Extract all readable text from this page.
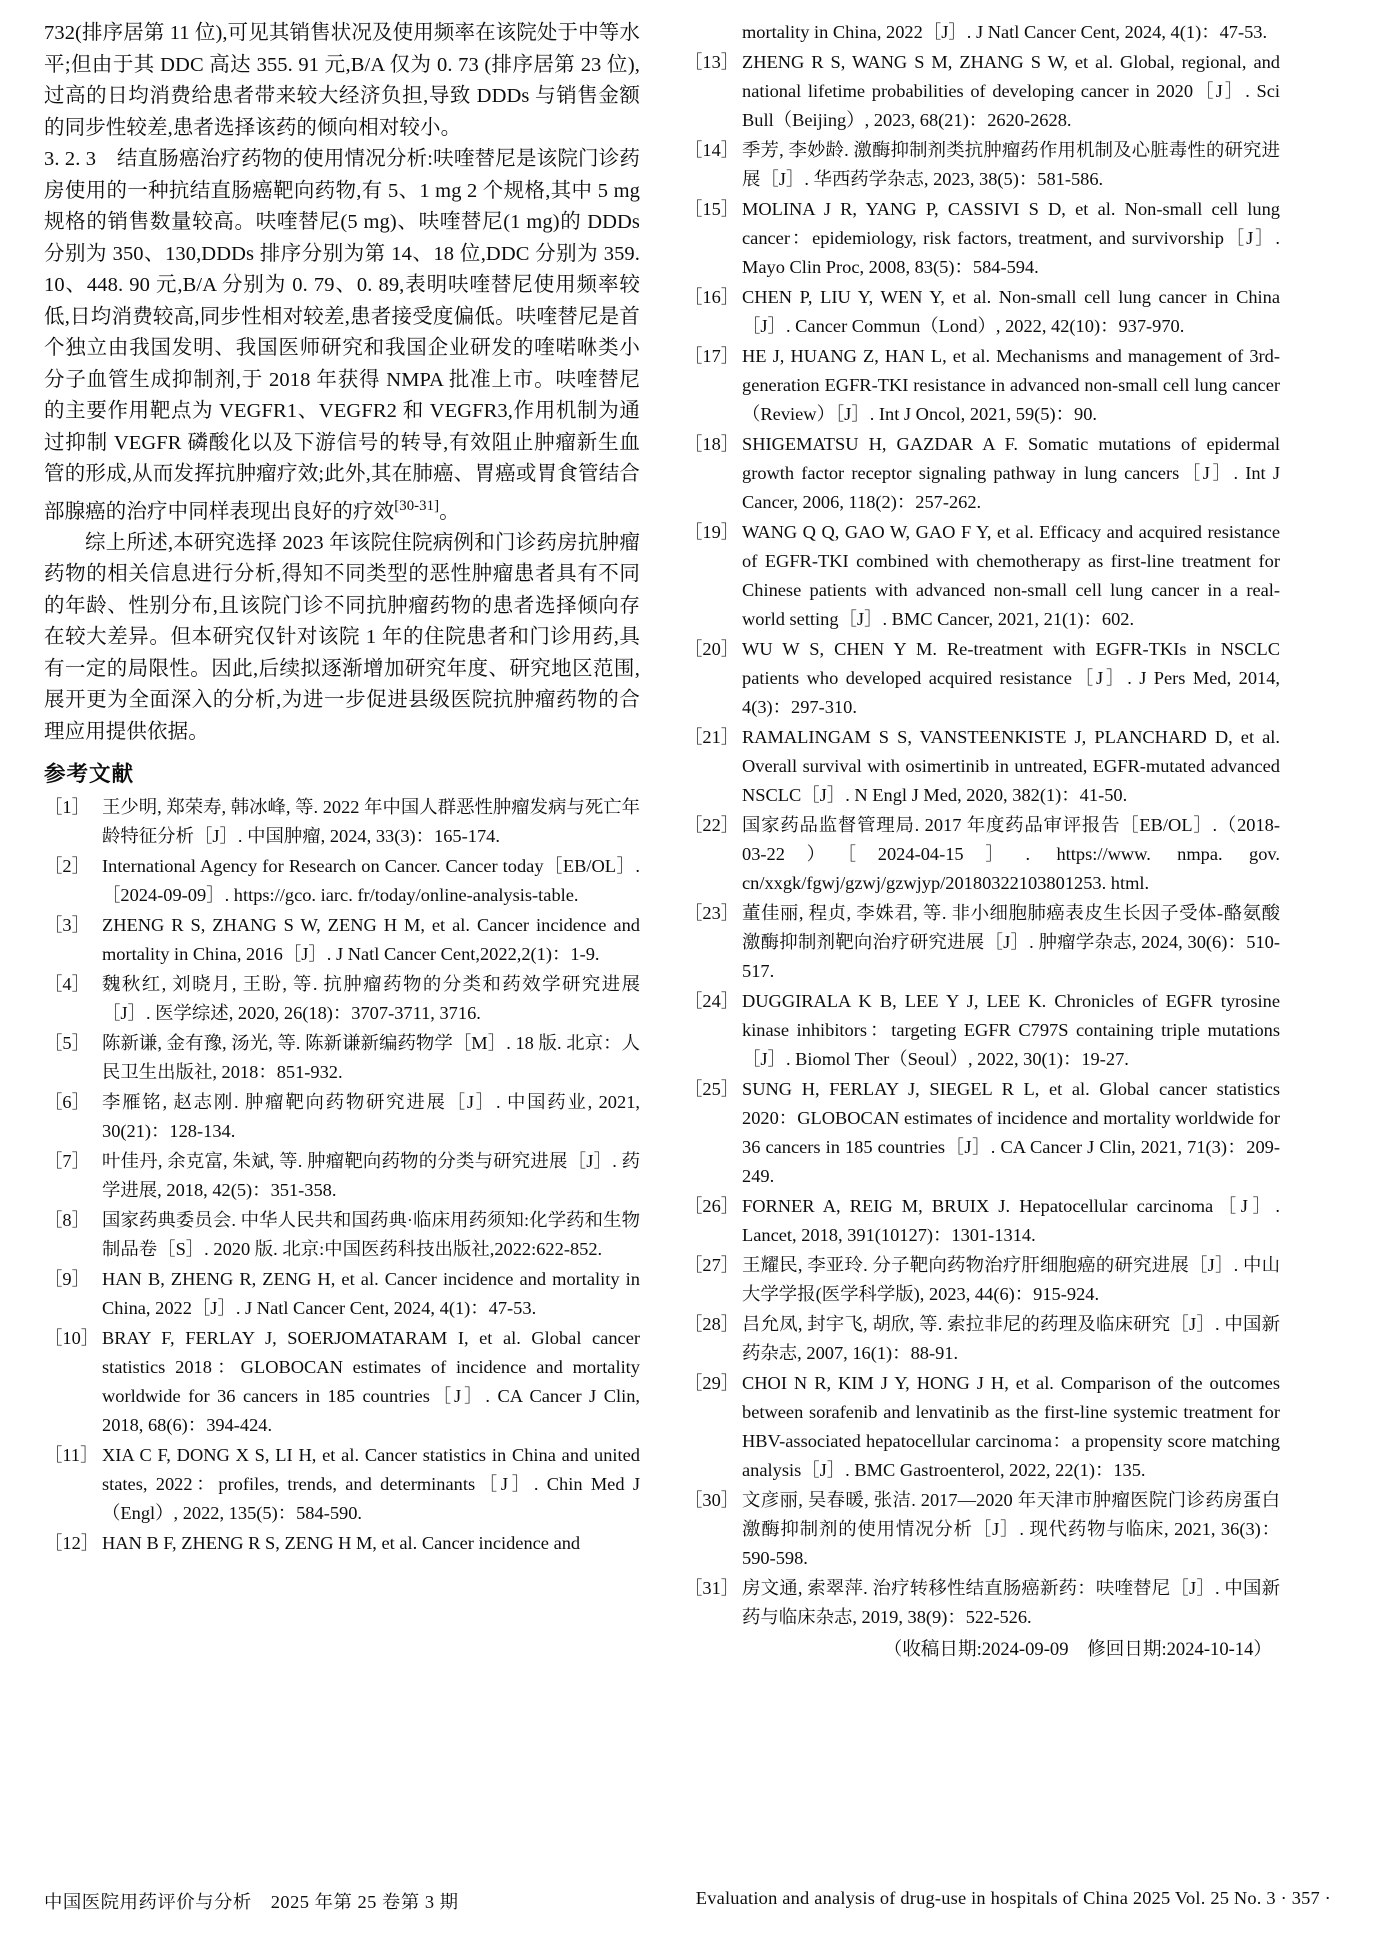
732(排序居第 11 位),可见其销售状况及使用频率在该院处于中等水平;但由于其 DDC 高达 355. 91 元,B/A 仅为 0. 73 (排序居第 23 位),过高的日均消费给患者带来较大经济负担,导致 DDDs 与销售金额的同步性较差,患者选择该药的倾向相对较小。

3. 2. 3　结直肠癌治疗药物的使用情况分析:呋喹替尼是该院门诊药房使用的一种抗结直肠癌靶向药物,有 5、1 mg 2 个规格,其中 5 mg 规格的销售数量较高。呋喹替尼(5 mg)、呋喹替尼(1 mg)的 DDDs 分别为 350、130,DDDs 排序分别为第 14、18 位,DDC 分别为 359. 10、448. 90 元,B/A 分别为 0. 79、0. 89,表明呋喹替尼使用频率较低,日均消费较高,同步性相对较差,患者接受度偏低。呋喹替尼是首个独立由我国发明、我国医师研究和我国企业研发的喹喏咻类小分子血管生成抑制剂,于 2018 年获得 NMPA 批准上市。呋喹替尼的主要作用靶点为 VEGFR1、VEGFR2 和 VEGFR3,作用机制为通过抑制 VEGFR 磷酸化以及下游信号的转导,有效阻止肿瘤新生血管的形成,从而发挥抗肿瘤疗效;此外,其在肺癌、胃癌或胃食管结合部腺癌的治疗中同样表现出良好的疗效[30-31]。

综上所述,本研究选择 2023 年该院住院病例和门诊药房抗肿瘤药物的相关信息进行分析,得知不同类型的恶性肿瘤患者具有不同的年龄、性别分布,且该院门诊不同抗肿瘤药物的患者选择倾向存在较大差异。但本研究仅针对该院 1 年的住院患者和门诊用药,具有一定的局限性。因此,后续拟逐渐增加研究年度、研究地区范围,展开更为全面深入的分析,为进一步促进县级医院抗肿瘤药物的合理应用提供依据。

参考文献
［1］ 王少明, 郑荣寿, 韩冰峰, 等. 2022 年中国人群恶性肿瘤发病与死亡年龄特征分析［J］. 中国肿瘤, 2024, 33(3)：165-174.
［2］ International Agency for Research on Cancer. Cancer today［EB/OL］.［2024-09-09］. https://gco. iarc. fr/today/online-analysis-table.
［3］ ZHENG R S, ZHANG S W, ZENG H M, et al. Cancer incidence and mortality in China, 2016［J］. J Natl Cancer Cent,2022,2(1)：1-9.
［4］ 魏秋红, 刘晓月, 王盼, 等. 抗肿瘤药物的分类和药效学研究进展［J］. 医学综述, 2020, 26(18)：3707-3711, 3716.
［5］ 陈新谦, 金有豫, 汤光, 等. 陈新谦新编药物学［M］. 18 版. 北京：人民卫生出版社, 2018：851-932.
［6］ 李雁铭, 赵志刚. 肿瘤靶向药物研究进展［J］. 中国药业, 2021, 30(21)：128-134.
［7］ 叶佳丹, 余克富, 朱斌, 等. 肿瘤靶向药物的分类与研究进展［J］. 药学进展, 2018, 42(5)：351-358.
［8］ 国家药典委员会. 中华人民共和国药典·临床用药须知:化学药和生物制品卷［S］. 2020 版. 北京:中国医药科技出版社,2022:622-852.
［9］ HAN B, ZHENG R, ZENG H, et al. Cancer incidence and mortality in China, 2022［J］. J Natl Cancer Cent, 2024, 4(1)：47-53.
［10］ BRAY F, FERLAY J, SOERJOMATARAM I, et al. Global cancer statistics 2018：GLOBOCAN estimates of incidence and mortality worldwide for 36 cancers in 185 countries［J］. CA Cancer J Clin, 2018, 68(6)：394-424.
［11］ XIA C F, DONG X S, LI H, et al. Cancer statistics in China and united states, 2022：profiles, trends, and determinants［J］. Chin Med J（Engl）, 2022, 135(5)：584-590.
［12］ HAN B F, ZHENG R S, ZENG H M, et al. Cancer incidence and
mortality in China, 2022［J］. J Natl Cancer Cent, 2024, 4(1)：47-53.
［13］ ZHENG R S, WANG S M, ZHANG S W, et al. Global, regional, and national lifetime probabilities of developing cancer in 2020［J］. Sci Bull（Beijing）, 2023, 68(21)：2620-2628.
［14］ 季芳, 李妙龄. 激酶抑制剂类抗肿瘤药作用机制及心脏毒性的研究进展［J］. 华西药学杂志, 2023, 38(5)：581-586.
［15］ MOLINA J R, YANG P, CASSIVI S D, et al. Non-small cell lung cancer：epidemiology, risk factors, treatment, and survivorship［J］. Mayo Clin Proc, 2008, 83(5)：584-594.
［16］ CHEN P, LIU Y, WEN Y, et al. Non-small cell lung cancer in China［J］. Cancer Commun（Lond）, 2022, 42(10)：937-970.
［17］ HE J, HUANG Z, HAN L, et al. Mechanisms and management of 3rd-generation EGFR-TKI resistance in advanced non-small cell lung cancer（Review）［J］. Int J Oncol, 2021, 59(5)：90.
［18］ SHIGEMATSU H, GAZDAR A F. Somatic mutations of epidermal growth factor receptor signaling pathway in lung cancers［J］. Int J Cancer, 2006, 118(2)：257-262.
［19］ WANG Q Q, GAO W, GAO F Y, et al. Efficacy and acquired resistance of EGFR-TKI combined with chemotherapy as first-line treatment for Chinese patients with advanced non-small cell lung cancer in a real-world setting［J］. BMC Cancer, 2021, 21(1)：602.
［20］ WU W S, CHEN Y M. Re-treatment with EGFR-TKIs in NSCLC patients who developed acquired resistance［J］. J Pers Med, 2014, 4(3)：297-310.
［21］ RAMALINGAM S S, VANSTEENKISTE J, PLANCHARD D, et al. Overall survival with osimertinib in untreated, EGFR-mutated advanced NSCLC［J］. N Engl J Med, 2020, 382(1)：41-50.
［22］ 国家药品监督管理局. 2017 年度药品审评报告［EB/OL］.（2018-03-22）［2024-04-15］. https://www. nmpa. gov. cn/xxgk/fgwj/gzwj/gzwjyp/20180322103801253. html.
［23］ 董佳丽, 程贞, 李姝君, 等. 非小细胞肺癌表皮生长因子受体-酪氨酸激酶抑制剂靶向治疗研究进展［J］. 肿瘤学杂志, 2024, 30(6)：510-517.
［24］ DUGGIRALA K B, LEE Y J, LEE K. Chronicles of EGFR tyrosine kinase inhibitors：targeting EGFR C797S containing triple mutations［J］. Biomol Ther（Seoul）, 2022, 30(1)：19-27.
［25］ SUNG H, FERLAY J, SIEGEL R L, et al. Global cancer statistics 2020：GLOBOCAN estimates of incidence and mortality worldwide for 36 cancers in 185 countries［J］. CA Cancer J Clin, 2021, 71(3)：209-249.
［26］ FORNER A, REIG M, BRUIX J. Hepatocellular carcinoma［J］. Lancet, 2018, 391(10127)：1301-1314.
［27］ 王耀民, 李亚玲. 分子靶向药物治疗肝细胞癌的研究进展［J］. 中山大学学报(医学科学版), 2023, 44(6)：915-924.
［28］ 吕允凤, 封宇飞, 胡欣, 等. 索拉非尼的药理及临床研究［J］. 中国新药杂志, 2007, 16(1)：88-91.
［29］ CHOI N R, KIM J Y, HONG J H, et al. Comparison of the outcomes between sorafenib and lenvatinib as the first-line systemic treatment for HBV-associated hepatocellular carcinoma：a propensity score matching analysis［J］. BMC Gastroenterol, 2022, 22(1)：135.
［30］ 文彦丽, 吴春暖, 张洁. 2017—2020 年天津市肿瘤医院门诊药房蛋白激酶抑制剂的使用情况分析［J］. 现代药物与临床, 2021, 36(3)：590-598.
［31］ 房文通, 索翠萍. 治疗转移性结直肠癌新药：呋喹替尼［J］. 中国新药与临床杂志, 2019, 38(9)：522-526.
（收稿日期:2024-09-09　修回日期:2024-10-14）
中国医院用药评价与分析　2025 年第 25 卷第 3 期	Evaluation and analysis of drug-use in hospitals of China 2025 Vol. 25 No. 3 · 357 ·
